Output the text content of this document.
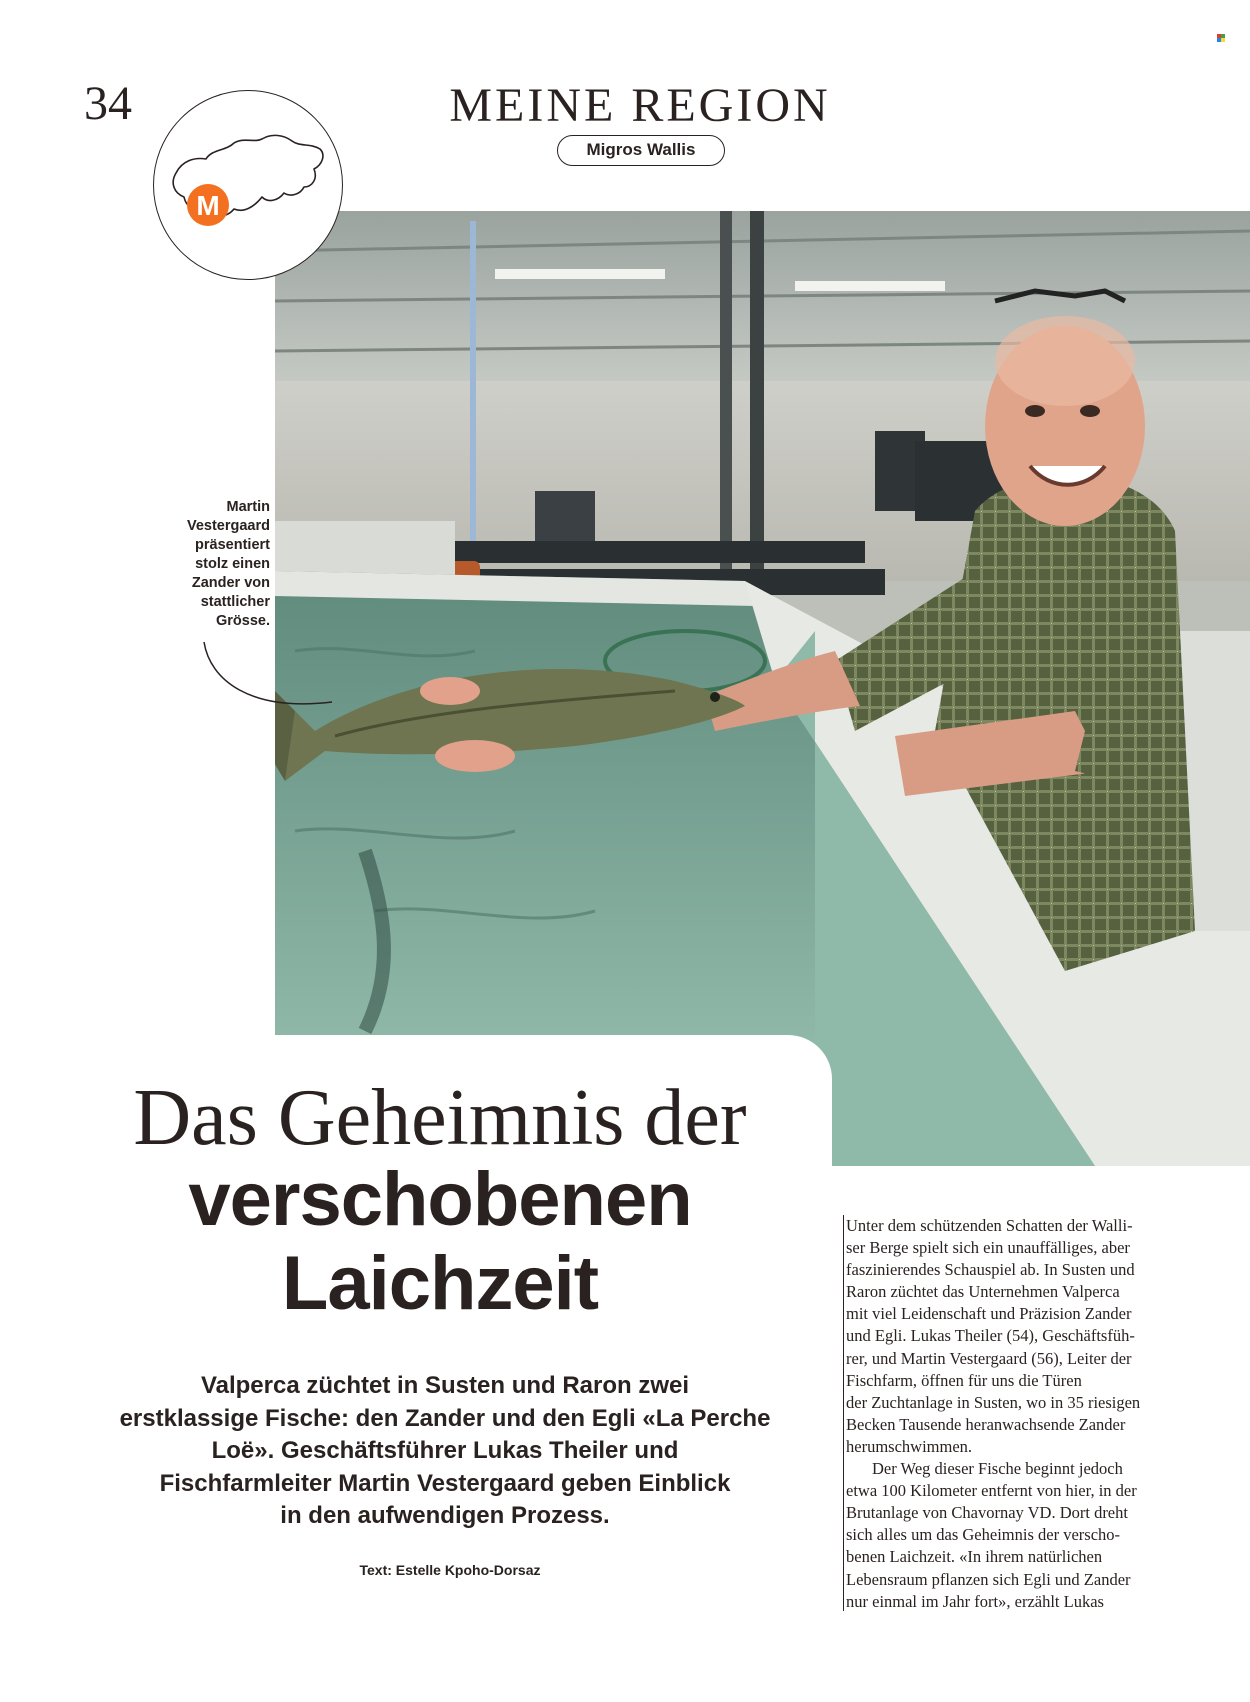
34	MEINE REGION
Migros Wallis
M
Martin
Vestergaard
präsentiert
stolz einen
Zander von
stattlicher
Grösse.
Das Geheimnis der
verschobenen
Laichzeit
Valperca züchtet in Susten und Raron zwei
erstklassige Fische: den Zander und den Egli «La Perche
Loë». Geschäftsführer Lukas Theiler und
Fischfarmleiter Martin Vestergaard geben Einblick
in den aufwendigen Prozess.
Text: Estelle Kpoho-Dorsaz

Unter dem schützenden Schatten der Walli-
ser Berge spielt sich ein unauffälliges, aber
faszinierendes Schauspiel ab. In Susten und
Raron züchtet das Unternehmen Valperca
mit viel Leidenschaft und Präzision Zander
und Egli. Lukas Theiler (54), Geschäftsfüh-
rer, und Martin Vestergaard (56), Leiter der
Fischfarm, öffnen für uns die Türen
der Zuchtanlage in Susten, wo in 35 riesigen
Becken Tausende heranwachsende Zander
herumschwimmen.

Der Weg dieser Fische beginnt jedoch
etwa 100 Kilometer entfernt von hier, in der
Brutanlage von Chavornay VD. Dort dreht
sich alles um das Geheimnis der verscho-
benen Laichzeit. «In ihrem natürlichen
Lebensraum pflanzen sich Egli und Zander
nur einmal im Jahr fort», erzählt Lukas
